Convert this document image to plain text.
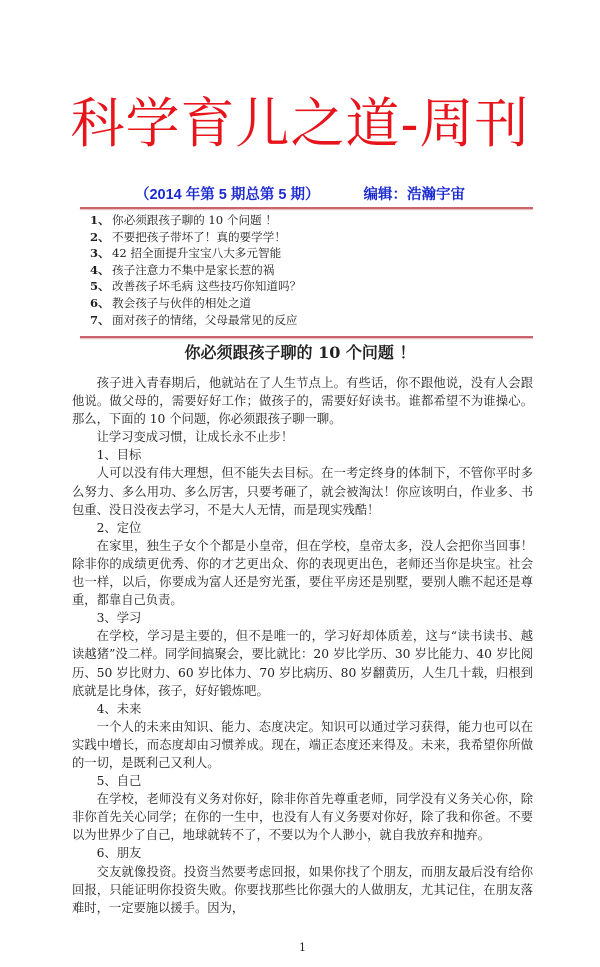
科学育儿之道-周刊
（2014 年第 5 期总第 5 期）	编辑：浩瀚宇宙
1、 你必须跟孩子聊的 10 个问题 ！
2、 不要把孩子带坏了！真的要学学！
3、 42 招全面提升宝宝八大多元智能
4、 孩子注意力不集中是家长惹的祸
5、 改善孩子坏毛病 这些技巧你知道吗？
6、 教会孩子与伙伴的相处之道
7、 面对孩子的情绪，父母最常见的反应
你必须跟孩子聊的 10 个问题 ！

孩子进入青春期后，他就站在了人生节点上。有些话，你不跟他说，没有人会跟他说。做父母的，需要好好工作；做孩子的，需要好好读书。谁都希望不为谁操心。那么，下面的 10 个问题，你必须跟孩子聊一聊。

让学习变成习惯，让成长永不止步！

1、目标

人可以没有伟大理想，但不能失去目标。在一考定终身的体制下，不管你平时多么努力、多么用功、多么厉害，只要考砸了，就会被淘汰！你应该明白，作业多、书包重、没日没夜去学习，不是大人无情，而是现实残酷！

2、定位

在家里，独生子女个个都是小皇帝，但在学校，皇帝太多，没人会把你当回事！除非你的成绩更优秀、你的才艺更出众、你的表现更出色，老师还当你是块宝。社会也一样，以后，你要成为富人还是穷光蛋，要住平房还是别墅，要别人瞧不起还是尊重，都靠自己负责。

3、学习

在学校，学习是主要的，但不是唯一的，学习好却体质差，这与“读书读书、越读越猪”没二样。同学间搞聚会，要比就比：20 岁比学历、30 岁比能力、40 岁比阅历、50 岁比财力、60 岁比体力、70 岁比病历、80 岁翻黄历，人生几十载，归根到底就是比身体，孩子，好好锻炼吧。

4、未来

一个人的未来由知识、能力、态度决定。知识可以通过学习获得，能力也可以在实践中增长，而态度却由习惯养成。现在，端正态度还来得及。未来，我希望你所做的一切，是既利己又利人。

5、自己

在学校，老师没有义务对你好，除非你首先尊重老师，同学没有义务关心你，除非你首先关心同学；在你的一生中，也没有人有义务要对你好，除了我和你爸。不要以为世界少了自己，地球就转不了，不要以为个人渺小，就自我放弃和抛弃。

6、朋友

交友就像投资。投资当然要考虑回报，如果你找了个朋友，而朋友最后没有给你回报，只能证明你投资失败。你要找那些比你强大的人做朋友，尤其记住，在朋友落难时，一定要施以援手。因为，

1
